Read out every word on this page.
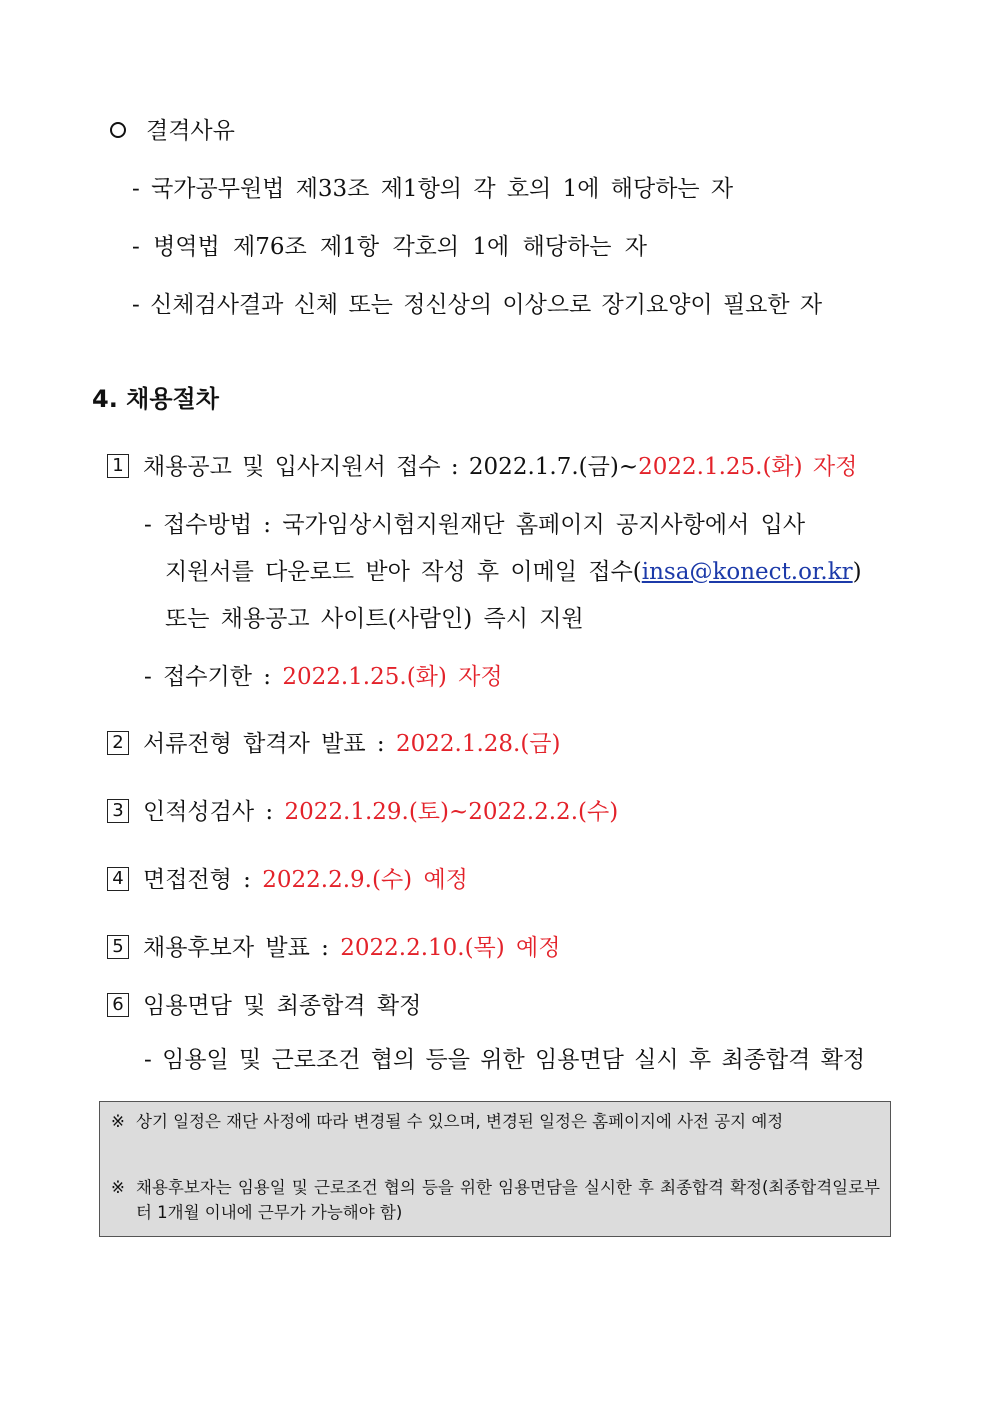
결격사유
- 국가공무원법 제33조 제1항의 각 호의 1에 해당하는 자
- 병역법 제76조 제1항 각호의 1에 해당하는 자
- 신체검사결과 신체 또는 정신상의 이상으로 장기요양이 필요한 자
4. 채용절차
1 채용공고 및 입사지원서 접수 : 2022.1.7.(금)~2022.1.25.(화) 자정
- 접수방법 : 국가임상시험지원재단 홈페이지 공지사항에서 입사
지원서를 다운로드 받아 작성 후 이메일 접수(insa@konect.or.kr)
또는 채용공고 사이트(사람인) 즉시 지원
- 접수기한 : 2022.1.25.(화) 자정
2 서류전형 합격자 발표 : 2022.1.28.(금)
3 인적성검사 : 2022.1.29.(토)~2022.2.2.(수)
4 면접전형 : 2022.2.9.(수) 예정
5 채용후보자 발표 : 2022.2.10.(목) 예정
6 임용면담 및 최종합격 확정
- 임용일 및 근로조건 협의 등을 위한 임용면담 실시 후 최종합격 확정
※ 상기 일정은 재단 사정에 따라 변경될 수 있으며, 변경된 일정은 홈페이지에 사전 공지 예정
※ 채용후보자는 임용일 및 근로조건 협의 등을 위한 임용면담을 실시한 후 최종합격 확정(최종합격일로부터 1개월 이내에 근무가 가능해야 함)
